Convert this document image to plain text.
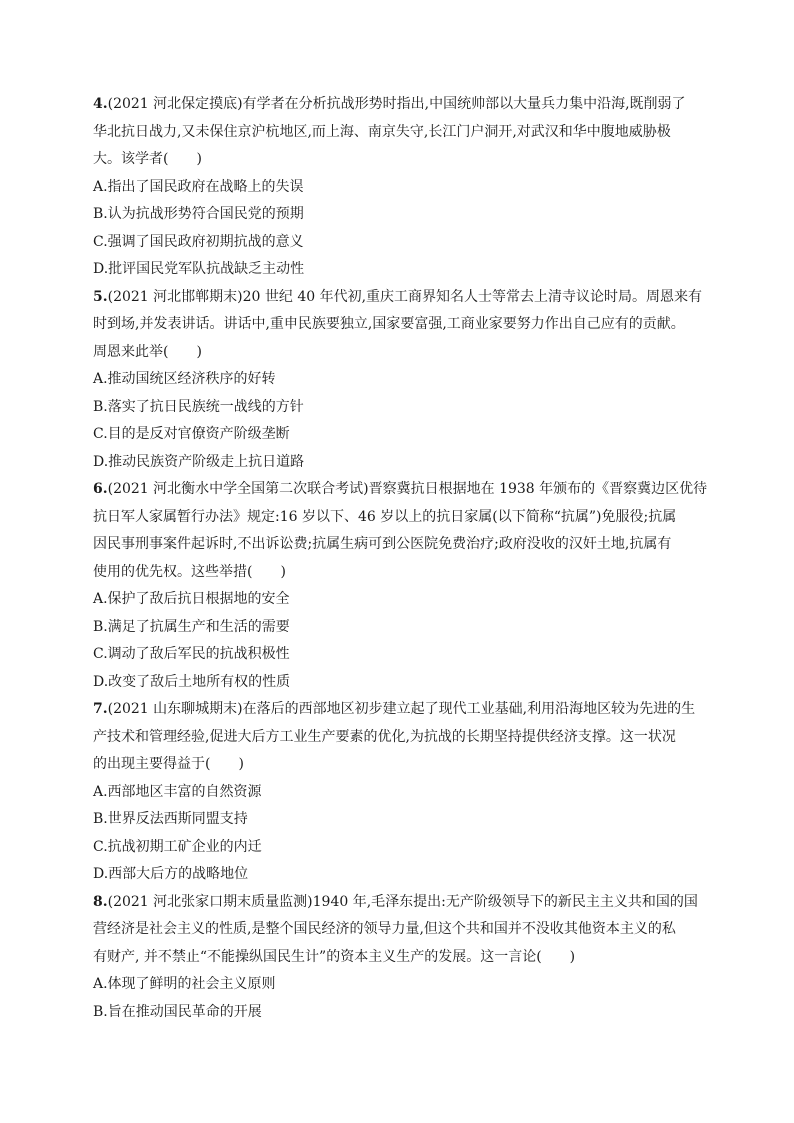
4.(2021 河北保定摸底)有学者在分析抗战形势时指出,中国统帅部以大量兵力集中沿海,既削弱了
华北抗日战力,又未保住京沪杭地区,而上海、南京失守,长江门户洞开,对武汉和华中腹地威胁极
大。该学者(　　)
A.指出了国民政府在战略上的失误
B.认为抗战形势符合国民党的预期
C.强调了国民政府初期抗战的意义
D.批评国民党军队抗战缺乏主动性
5.(2021 河北邯郸期末)20 世纪 40 年代初,重庆工商界知名人士等常去上清寺议论时局。周恩来有
时到场,并发表讲话。讲话中,重申民族要独立,国家要富强,工商业家要努力作出自己应有的贡献。
周恩来此举(　　)
A.推动国统区经济秩序的好转
B.落实了抗日民族统一战线的方针
C.目的是反对官僚资产阶级垄断
D.推动民族资产阶级走上抗日道路
6.(2021 河北衡水中学全国第二次联合考试)晋察冀抗日根据地在 1938 年颁布的《晋察冀边区优待
抗日军人家属暂行办法》规定:16 岁以下、46 岁以上的抗日家属(以下简称“抗属”)免服役;抗属
因民事刑事案件起诉时,不出诉讼费;抗属生病可到公医院免费治疗;政府没收的汉奸土地,抗属有
使用的优先权。这些举措(　　)
A.保护了敌后抗日根据地的安全
B.满足了抗属生产和生活的需要
C.调动了敌后军民的抗战积极性
D.改变了敌后土地所有权的性质
7.(2021 山东聊城期末)在落后的西部地区初步建立起了现代工业基础,利用沿海地区较为先进的生
产技术和管理经验,促进大后方工业生产要素的优化,为抗战的长期坚持提供经济支撑。这一状况
的出现主要得益于(　　)
A.西部地区丰富的自然资源
B.世界反法西斯同盟支持
C.抗战初期工矿企业的内迁
D.西部大后方的战略地位
8.(2021 河北张家口期末质量监测)1940 年,毛泽东提出:无产阶级领导下的新民主主义共和国的国
营经济是社会主义的性质,是整个国民经济的领导力量,但这个共和国并不没收其他资本主义的私
有财产, 并不禁止“不能操纵国民生计”的资本主义生产的发展。这一言论(　　)
A.体现了鲜明的社会主义原则
B.旨在推动国民革命的开展
